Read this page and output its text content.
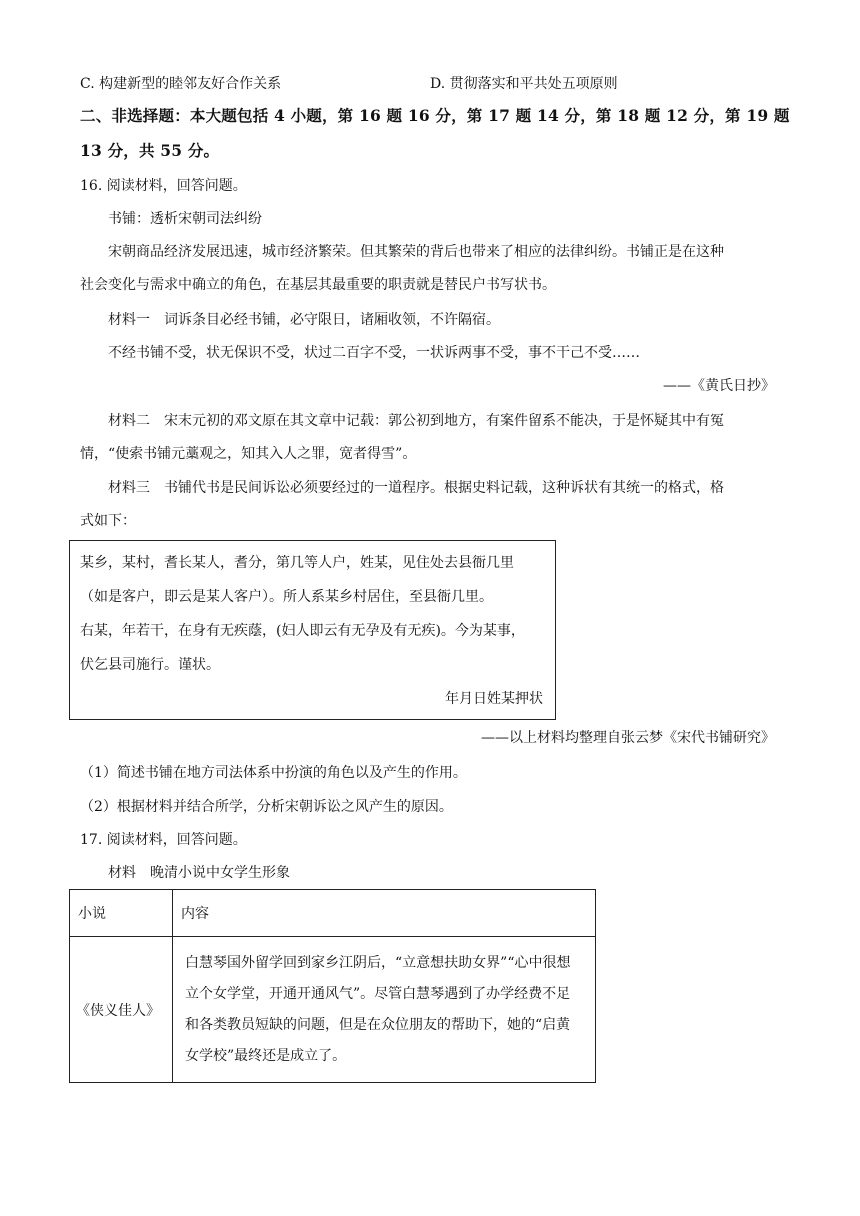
C. 构建新型的睦邻友好合作关系	D. 贯彻落实和平共处五项原则
二、非选择题：本大题包括 4 小题，第 16 题 16 分，第 17 题 14 分，第 18 题 12 分，第 19 题
13 分，共 55 分。
16. 阅读材料，回答问题。
书铺：透析宋朝司法纠纷
宋朝商品经济发展迅速，城市经济繁荣。但其繁荣的背后也带来了相应的法律纠纷。书铺正是在这种
社会变化与需求中确立的角色，在基层其最重要的职责就是替民户书写状书。
材料一　词诉条目必经书铺，必守限日，诸厢收领，不许隔宿。
不经书铺不受，状无保识不受，状过二百字不受，一状诉两事不受，事不干己不受……
——《黄氏日抄》
材料二　宋末元初的邓文原在其文章中记载：郭公初到地方，有案件留系不能决，于是怀疑其中有冤
情，“使索书铺元藁观之，知其入人之罪，宽者得雪”。
材料三　书铺代书是民间诉讼必须要经过的一道程序。根据史料记载，这种诉状有其统一的格式，格
式如下：
某乡，某村，耆长某人，耆分，第几等人户，姓某，见住处去县衙几里
（如是客户，即云是某人客户）。所人系某乡村居住，至县衙几里。
右某，年若干，在身有无疾蔭，(妇人即云有无孕及有无疾)。今为某事，
伏乞县司施行。谨状。
年月日姓某押状
——以上材料均整理自张云梦《宋代书铺研究》
（1）简述书铺在地方司法体系中扮演的角色以及产生的作用。
（2）根据材料并结合所学，分析宋朝诉讼之风产生的原因。
17. 阅读材料，回答问题。
材料　晚清小说中女学生形象
小说	内容
《侠义佳人》	白慧琴国外留学回到家乡江阴后，“立意想扶助女界”“心中很想立个女学堂，开通开通风气”。尽管白慧琴遇到了办学经费不足和各类教员短缺的问题，但是在众位朋友的帮助下，她的“启黄女学校”最终还是成立了。
